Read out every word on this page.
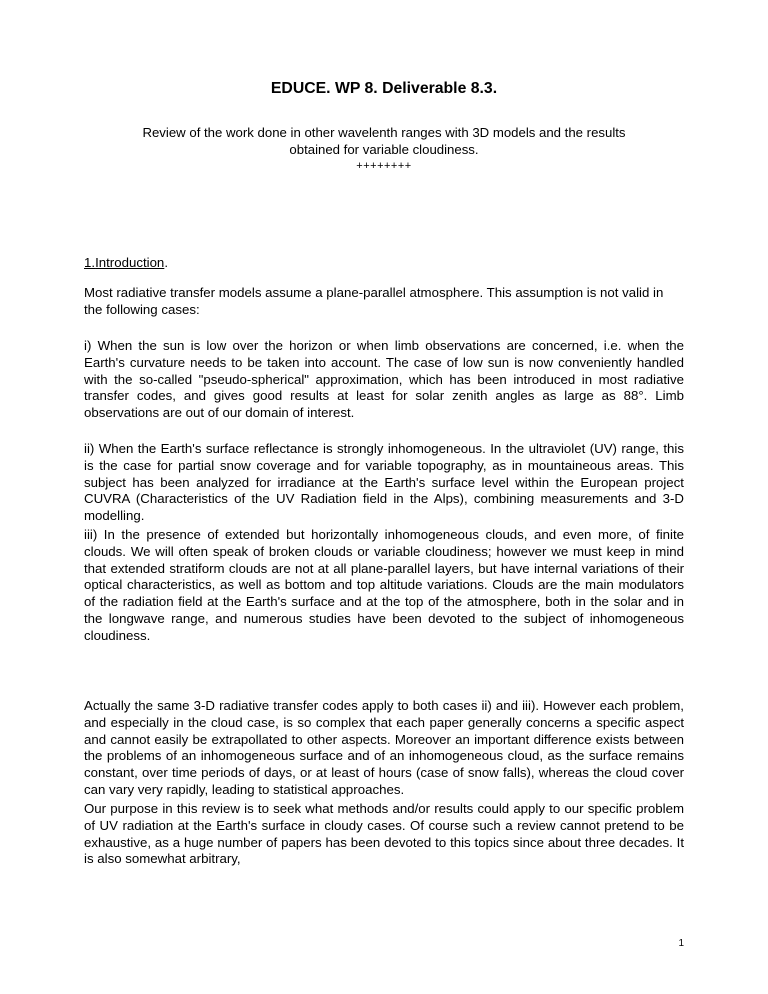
EDUCE. WP 8. Deliverable 8.3.
Review of the work done in other wavelenth ranges with 3D models and the results
obtained for variable cloudiness.
++++++++
1.Introduction.

Most radiative transfer models assume a plane-parallel atmosphere. This assumption is not valid in the following cases:

i) When the sun is low over the horizon or when limb observations are concerned, i.e. when the Earth's curvature needs to be taken into account. The case of low sun is now conveniently handled with the so-called "pseudo-spherical" approximation, which has been introduced in most radiative transfer codes, and gives good results at least for solar zenith angles as large as 88°. Limb observations are out of our domain of interest.

ii) When the Earth's surface reflectance is strongly inhomogeneous. In the ultraviolet (UV) range, this is the case for partial snow coverage and for variable topography, as in mountaineous areas. This subject has been analyzed for irradiance at the Earth's surface level within the European project CUVRA (Characteristics of the UV Radiation field in the Alps), combining measurements and 3-D modelling.

iii) In the presence of extended but horizontally inhomogeneous clouds, and even more, of finite clouds. We will often speak of broken clouds or variable cloudiness; however we must keep in mind that extended stratiform clouds are not at all plane-parallel layers, but have internal variations of their optical characteristics, as well as bottom and top altitude variations. Clouds are the main modulators of the radiation field at the Earth's surface and at the top of the atmosphere, both in the solar and in the longwave range, and numerous studies have been devoted to the subject of inhomogeneous cloudiness.

Actually the same 3-D radiative transfer codes apply to both cases ii) and iii). However each problem, and especially in the cloud case, is so complex that each paper generally concerns a specific aspect and cannot easily be extrapollated to other aspects. Moreover an important difference exists between the problems of an inhomogeneous surface and of an inhomogeneous cloud, as the surface remains constant, over time periods of days, or at least of hours (case of snow falls), whereas the cloud cover can vary very rapidly, leading to statistical approaches.

Our purpose in this review is to seek what methods and/or results could apply to our specific problem of UV radiation at the Earth's surface in cloudy cases. Of course such a review cannot pretend to be exhaustive, as a huge number of papers has been devoted to this topics since about three decades. It is also somewhat arbitrary,

1
